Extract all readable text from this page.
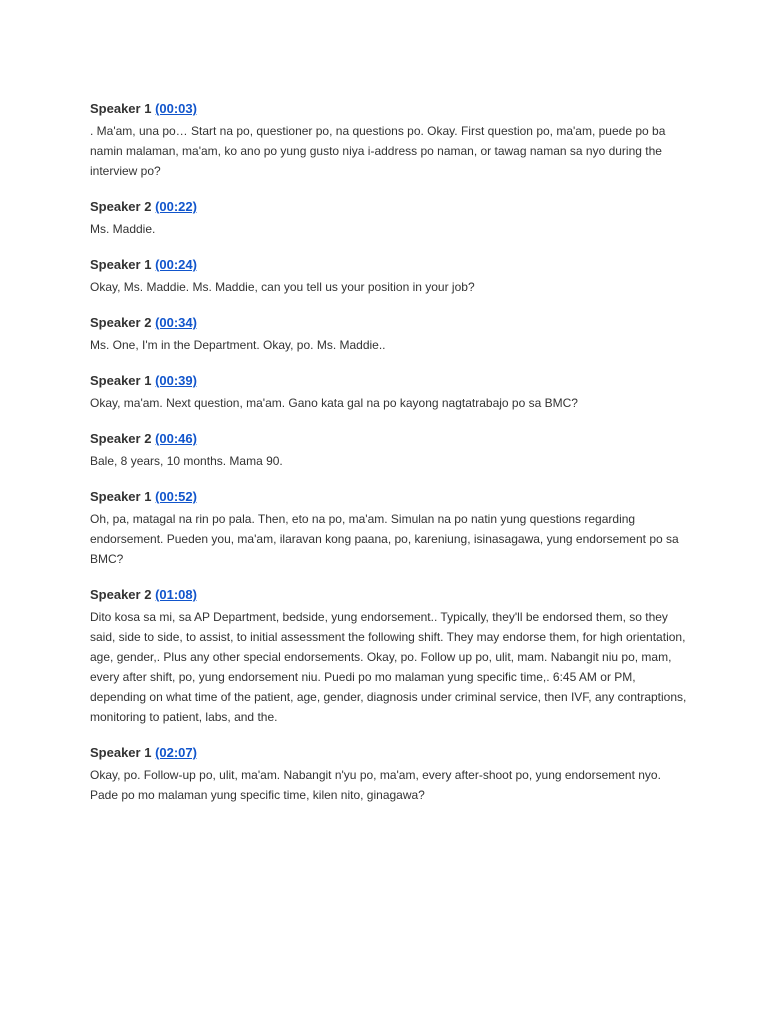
Speaker 1 (00:03)

. Ma'am, una po… Start na po, questioner po, na questions po. Okay. First question po, ma'am, puede po ba namin malaman, ma'am, ko ano po yung gusto niya i-address po naman, or tawag naman sa nyo during the interview po?

Speaker 2 (00:22)

Ms. Maddie.

Speaker 1 (00:24)

Okay, Ms. Maddie. Ms. Maddie, can you tell us your position in your job?

Speaker 2 (00:34)

Ms. One, I'm in the Department. Okay, po. Ms. Maddie..

Speaker 1 (00:39)

Okay, ma'am. Next question, ma'am. Gano kata gal na po kayong nagtatrabajo po sa BMC?

Speaker 2 (00:46)

Bale, 8 years, 10 months. Mama 90.

Speaker 1 (00:52)

Oh, pa, matagal na rin po pala. Then, eto na po, ma'am. Simulan na po natin yung questions regarding endorsement. Pueden you, ma'am, ilaravan kong paana, po, kareniung, isinasagawa, yung endorsement po sa BMC?

Speaker 2 (01:08)

Dito kosa sa mi, sa AP Department, bedside, yung endorsement.. Typically, they'll be endorsed them, so they said, side to side, to assist, to initial assessment the following shift. They may endorse them, for high orientation, age, gender,. Plus any other special endorsements. Okay, po. Follow up po, ulit, mam. Nabangit niu po, mam, every after shift, po, yung endorsement niu. Puedi po mo malaman yung specific time,. 6:45 AM or PM, depending on what time of the patient, age, gender, diagnosis under criminal service, then IVF, any contraptions, monitoring to patient, labs, and the.

Speaker 1 (02:07)

Okay, po. Follow-up po, ulit, ma'am. Nabangit n'yu po, ma'am, every after-shoot po, yung endorsement nyo. Pade po mo malaman yung specific time, kilen nito, ginagawa?
